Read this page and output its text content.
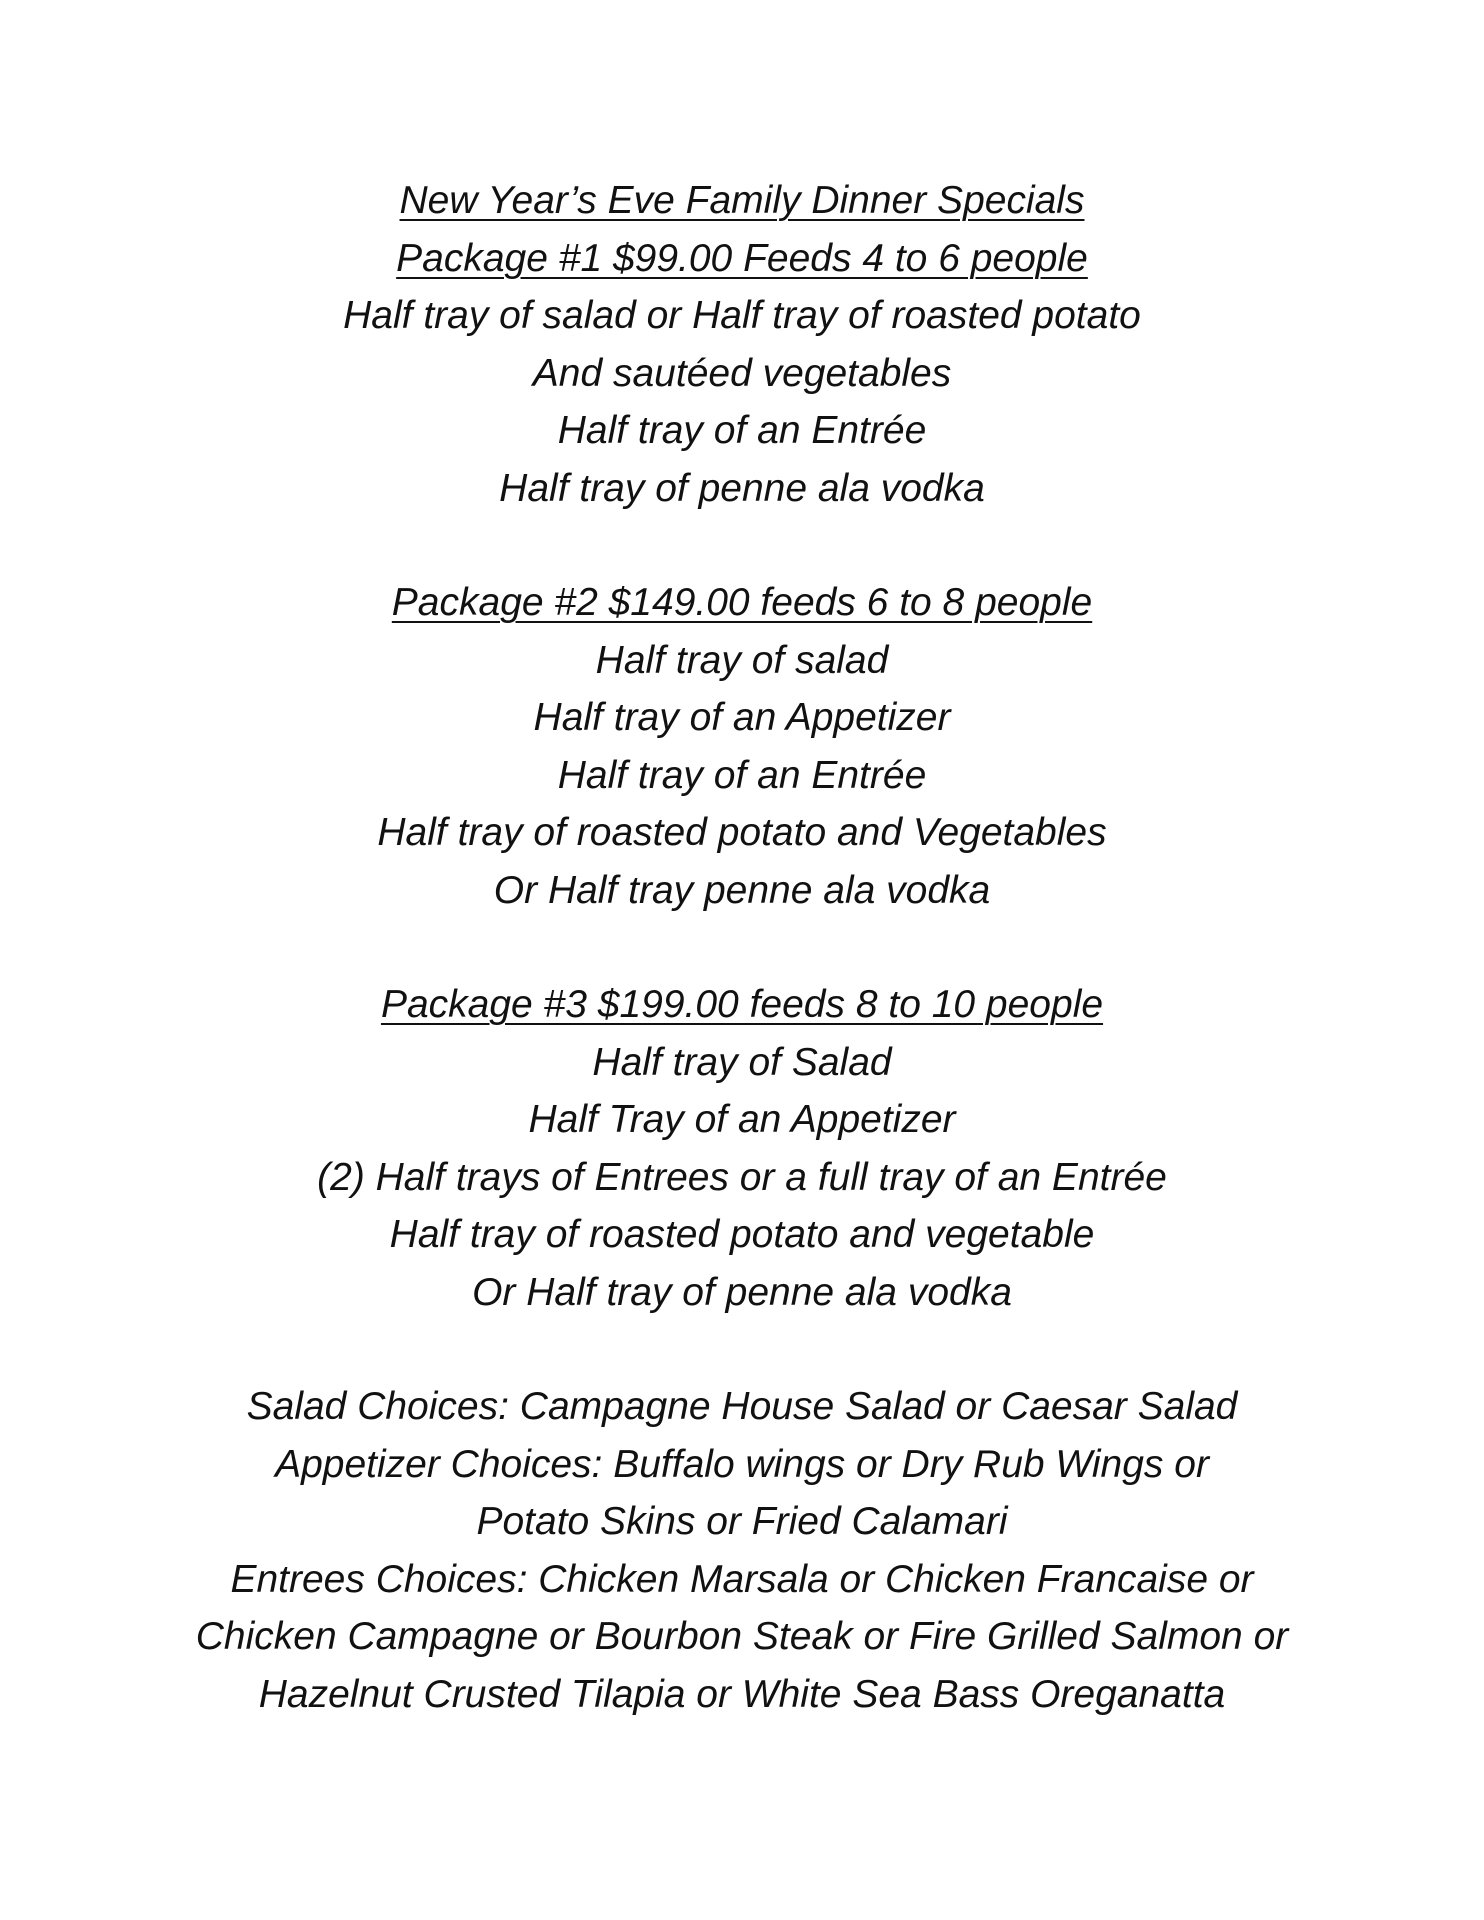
New Year’s Eve Family Dinner Specials
Package #1 $99.00 Feeds 4 to 6 people
Half tray of salad or Half tray of roasted potato
And sautéed vegetables
Half tray of an Entrée
Half tray of penne ala vodka
Package #2 $149.00 feeds 6 to 8 people
Half tray of salad
Half tray of an Appetizer
Half tray of an Entrée
Half tray of roasted potato and Vegetables
Or Half tray penne ala vodka
Package #3 $199.00 feeds 8 to 10 people
Half tray of Salad
Half Tray of an Appetizer
(2) Half trays of Entrees or a full tray of an Entrée
Half tray of roasted potato and vegetable
Or Half tray of penne ala vodka
Salad Choices: Campagne House Salad or Caesar Salad
Appetizer Choices: Buffalo wings or Dry Rub Wings or
Potato Skins or Fried Calamari
Entrees Choices: Chicken Marsala or Chicken Francaise or
Chicken Campagne or Bourbon Steak or Fire Grilled Salmon or
Hazelnut Crusted Tilapia or White Sea Bass Oreganatta
